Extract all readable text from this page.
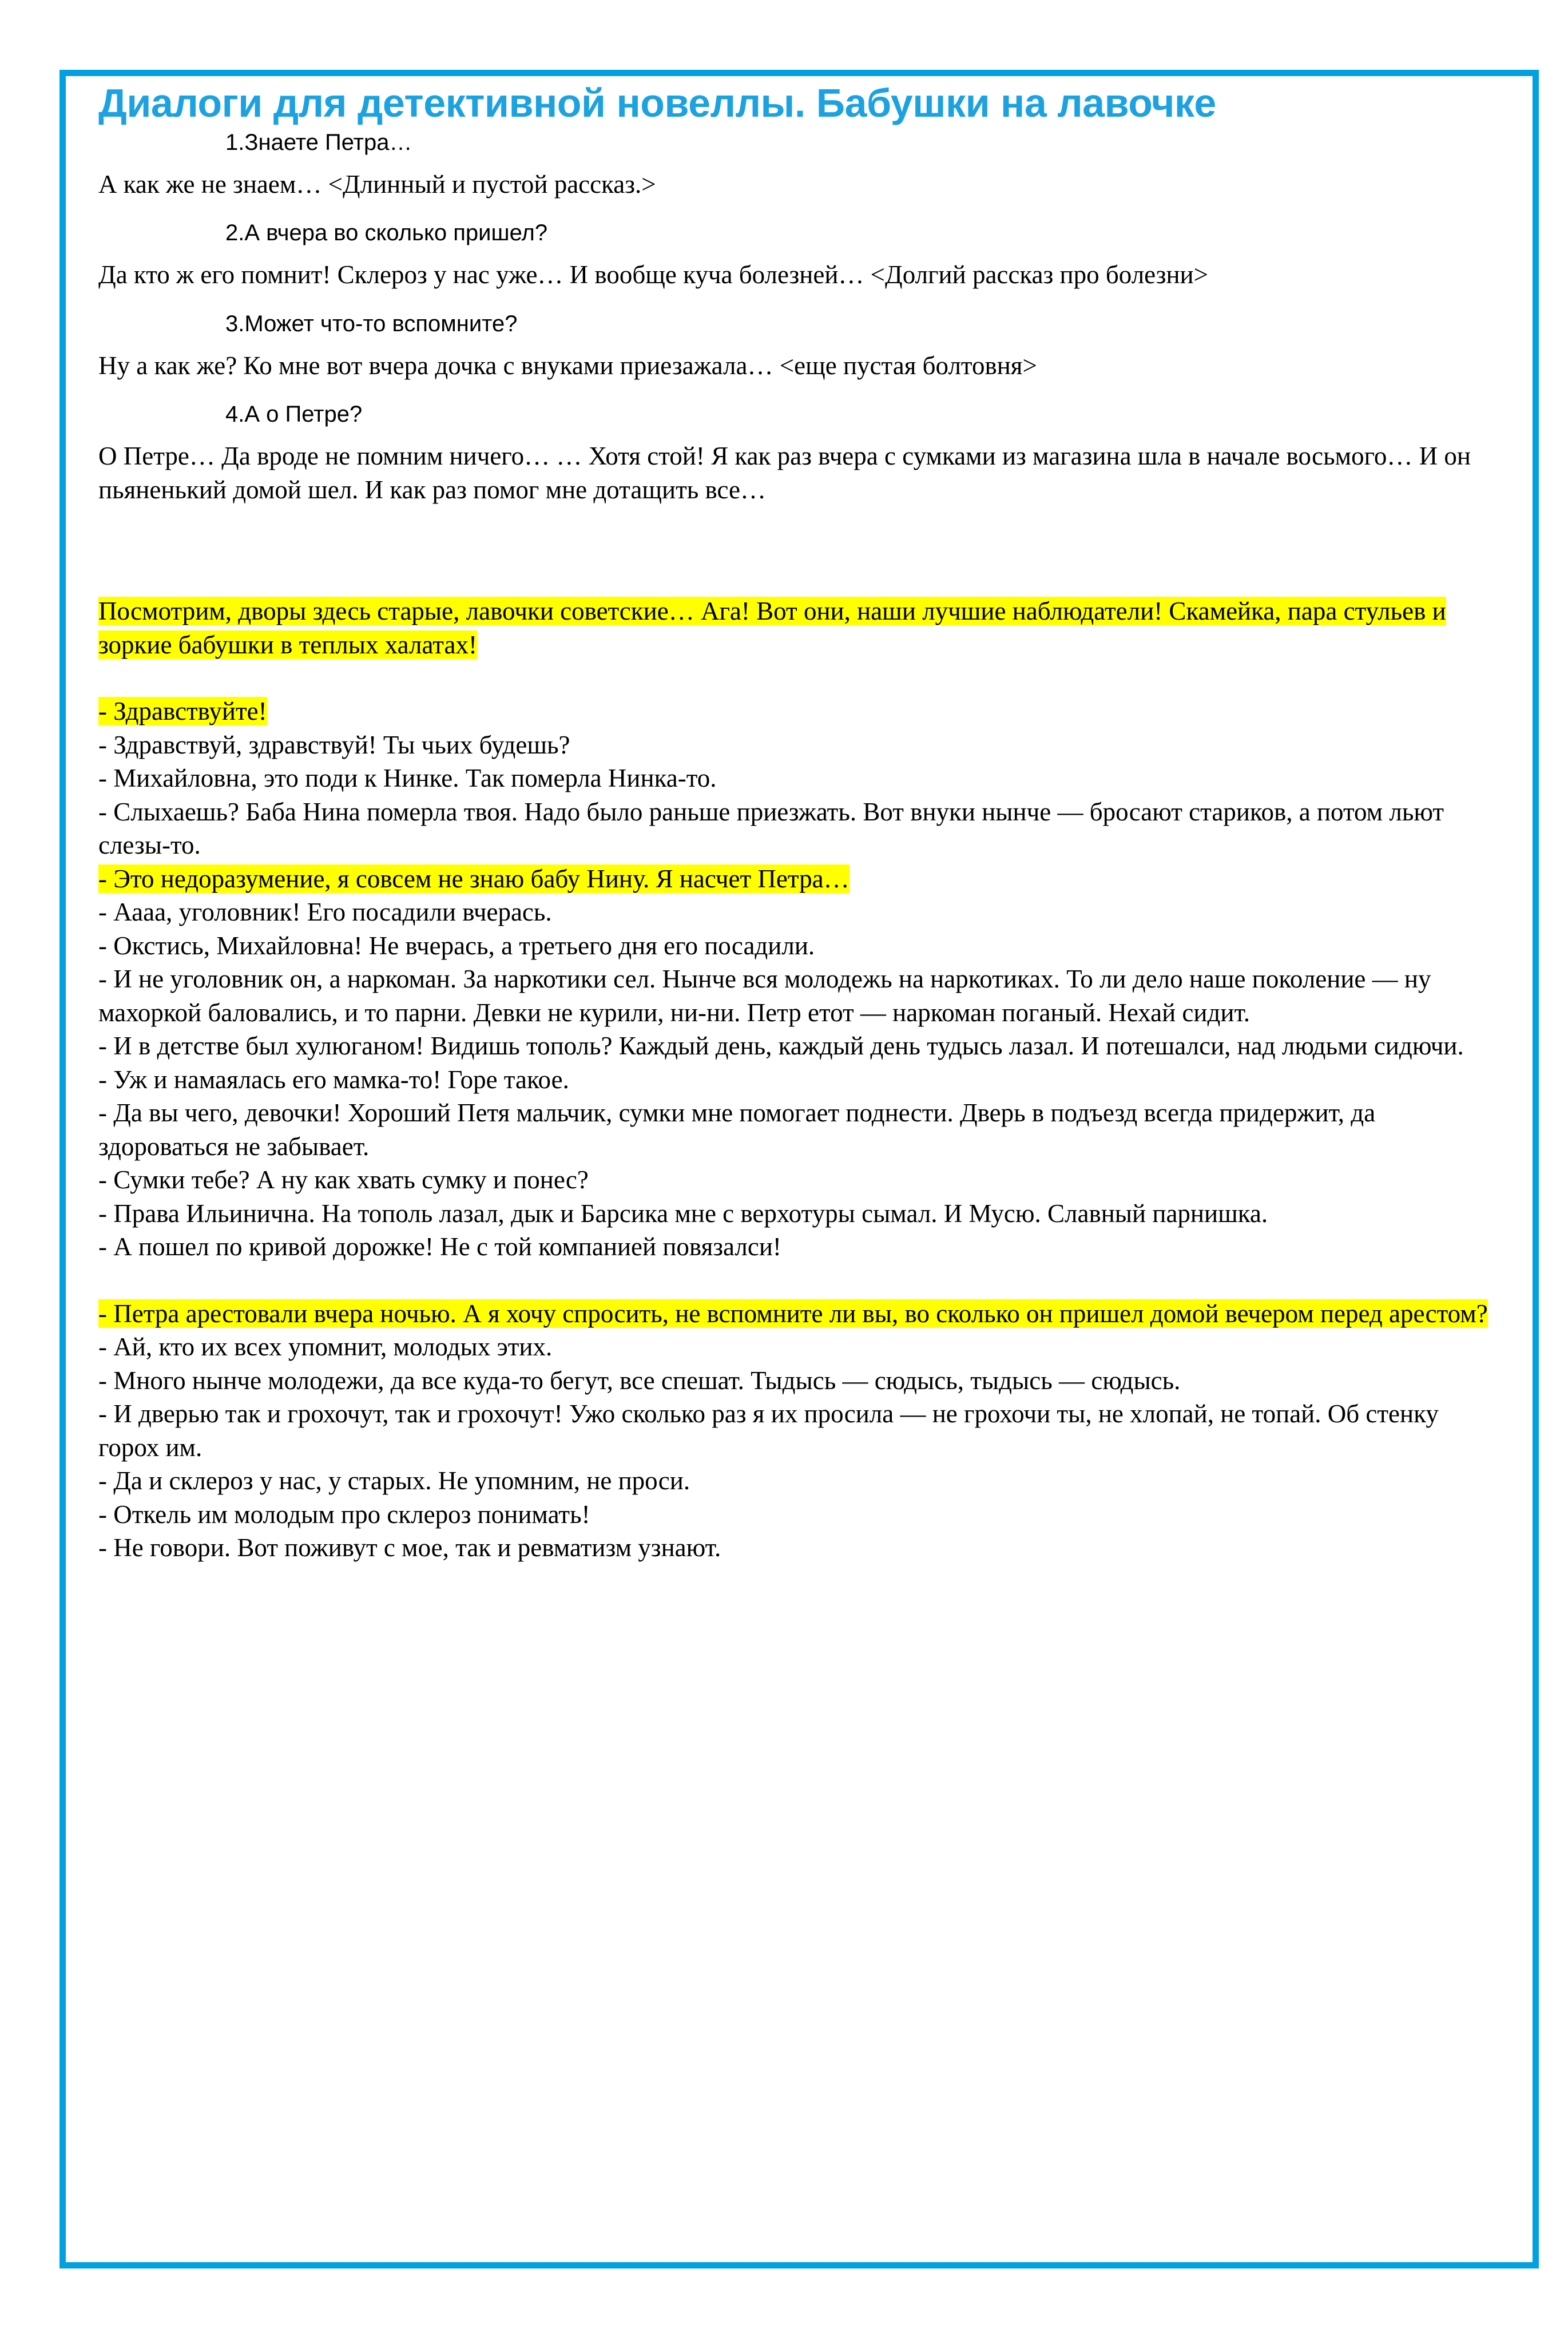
Диалоги для детективной новеллы. Бабушки на лавочке

1.Знаете Петра…

А как же не знаем… <Длинный и пустой рассказ.>

2.А вчера во сколько пришел?

Да кто ж его помнит! Склероз у нас уже… И вообще куча болезней… <Долгий рассказ про болезни>

3.Может что-то вспомните?

Ну а как же? Ко мне вот вчера дочка с внуками приезажала… <еще пустая болтовня>

4.А о Петре?

О Петре… Да вроде не помним ничего… … Хотя стой! Я как раз вчера с сумками из магазина шла в начале восьмого… И он пьяненький домой шел. И как раз помог мне дотащить все…

Посмотрим, дворы здесь старые, лавочки советские… Ага! Вот они, наши лучшие наблюдатели! Скамейка, пара стульев и зоркие бабушки в теплых халатах!

- Здравствуйте!

- Здравствуй, здравствуй! Ты чьих будешь?

- Михайловна, это поди к Нинке. Так померла Нинка-то.

- Слыхаешь? Баба Нина померла твоя. Надо было раньше приезжать. Вот внуки нынче — бросают стариков, а потом льют слезы-то.

- Это недоразумение, я совсем не знаю бабу Нину. Я насчет Петра…

- Аааа, уголовник! Его посадили вчерась.

- Окстись, Михайловна! Не вчерась, а третьего дня его посадили.

- И не уголовник он, а наркоман. За наркотики сел. Нынче вся молодежь на наркотиках. То ли дело наше поколение — ну махоркой баловались, и то парни. Девки не курили, ни-ни. Петр етот — наркоман поганый. Нехай сидит.

- И в детстве был хулюганом! Видишь тополь? Каждый день, каждый день тудысь лазал. И потешалси, над людьми сидючи.

- Уж и намаялась его мамка-то! Горе такое.

- Да вы чего, девочки! Хороший Петя мальчик, сумки мне помогает поднести. Дверь в подъезд всегда придержит, да здороваться не забывает.

- Сумки тебе? А ну как хвать сумку и понес?

- Права Ильинична. На тополь лазал, дык и Барсика мне с верхотуры сымал. И Мусю. Славный парнишка.

- А пошел по кривой дорожке! Не с той компанией повязалси!

- Петра арестовали вчера ночью. А я хочу спросить, не вспомните ли вы, во сколько он пришел домой вечером перед арестом?

- Ай, кто их всех упомнит, молодых этих.

- Много нынче молодежи, да все куда-то бегут, все спешат. Тыдысь — сюдысь, тыдысь — сюдысь.

- И дверью так и грохочут, так и грохочут! Ужо сколько раз я их просила — не грохочи ты, не хлопай, не топай. Об стенку горох им.

- Да и склероз у нас, у старых. Не упомним, не проси.

- Откель им молодым про склероз понимать!

- Не говори. Вот поживут с мое, так и ревматизм узнают.
